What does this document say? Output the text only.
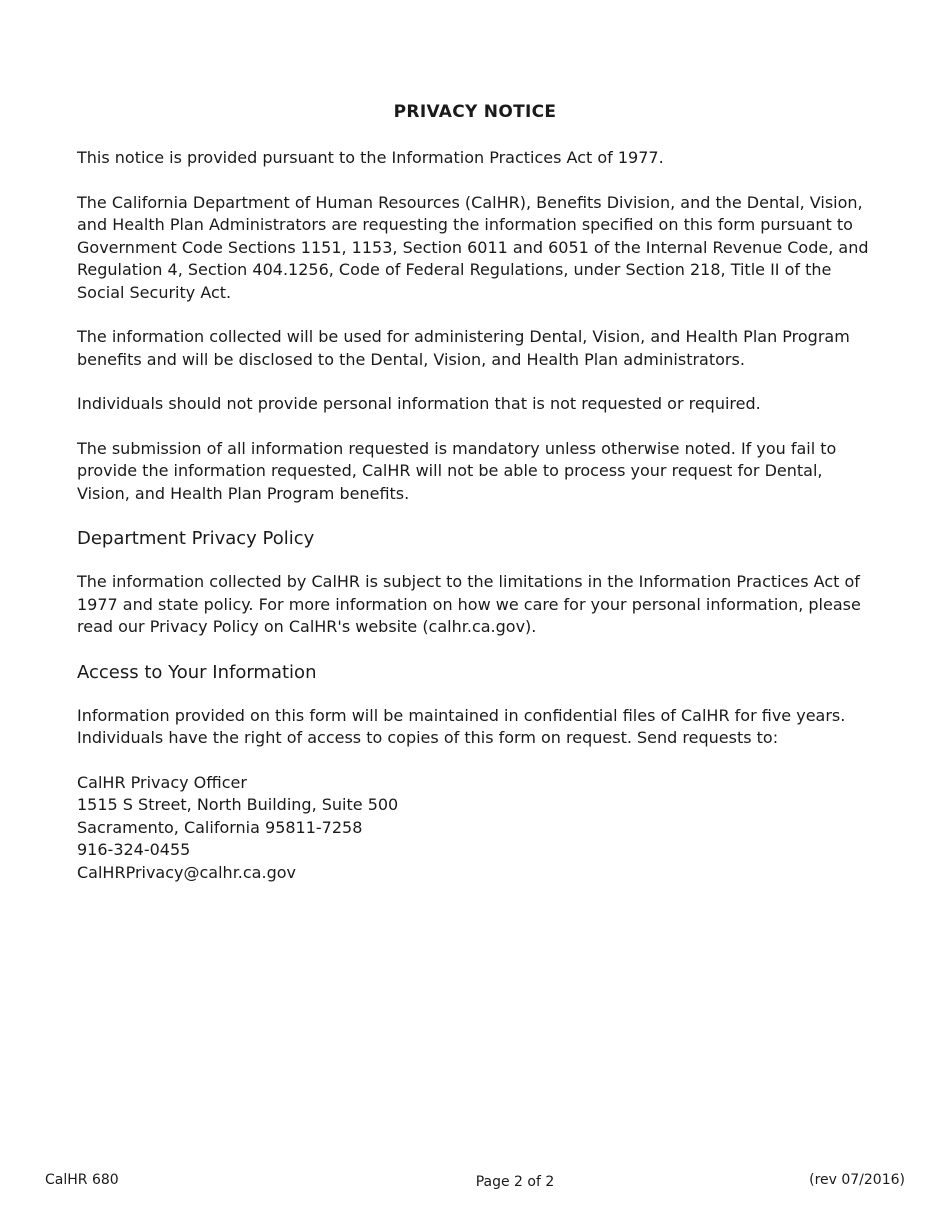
PRIVACY NOTICE

This notice is provided pursuant to the Information Practices Act of 1977.

The California Department of Human Resources (CalHR), Benefits Division, and the Dental, Vision, and Health Plan Administrators are requesting the information specified on this form pursuant to Government Code Sections 1151, 1153, Section 6011 and 6051 of the Internal Revenue Code, and Regulation 4, Section 404.1256, Code of Federal Regulations, under Section 218, Title II of the Social Security Act.

The information collected will be used for administering Dental, Vision, and Health Plan Program benefits and will be disclosed to the Dental, Vision, and Health Plan administrators.

Individuals should not provide personal information that is not requested or required.

The submission of all information requested is mandatory unless otherwise noted. If you fail to provide the information requested, CalHR will not be able to process your request for Dental, Vision, and Health Plan Program benefits.

Department Privacy Policy

The information collected by CalHR is subject to the limitations in the Information Practices Act of 1977 and state policy. For more information on how we care for your personal information, please read our Privacy Policy on CalHR's website (calhr.ca.gov).

Access to Your Information

Information provided on this form will be maintained in confidential files of CalHR for five years. Individuals have the right of access to copies of this form on request. Send requests to:

CalHR Privacy Officer
1515 S Street, North Building, Suite 500
Sacramento, California 95811-7258
916-324-0455
CalHRPrivacy@calhr.ca.gov
CalHR 680	Page 2 of 2	(rev 07/2016)
